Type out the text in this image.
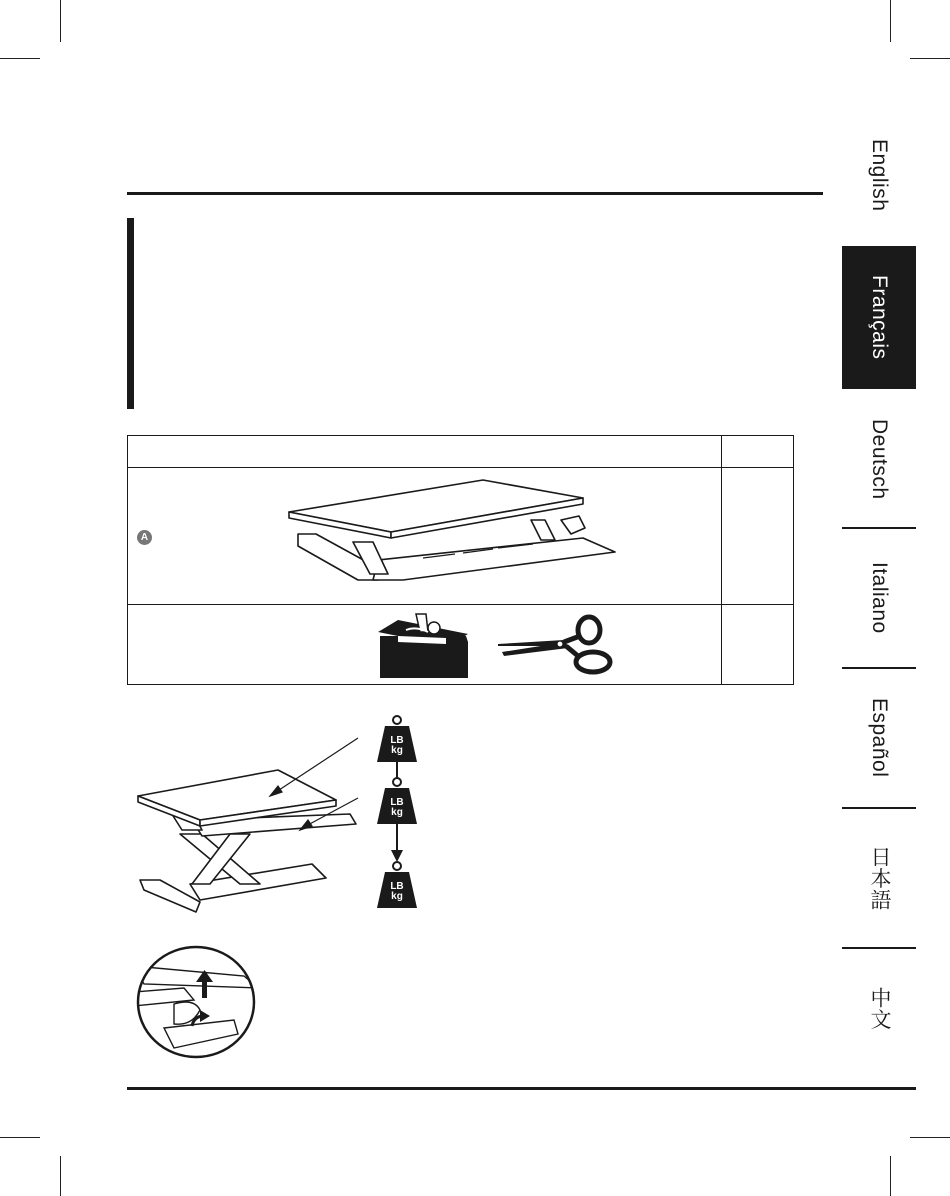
English
Français
Deutsch
Italiano
Español
日本語
中文
A
LB
kg
LB
kg
LB
kg
